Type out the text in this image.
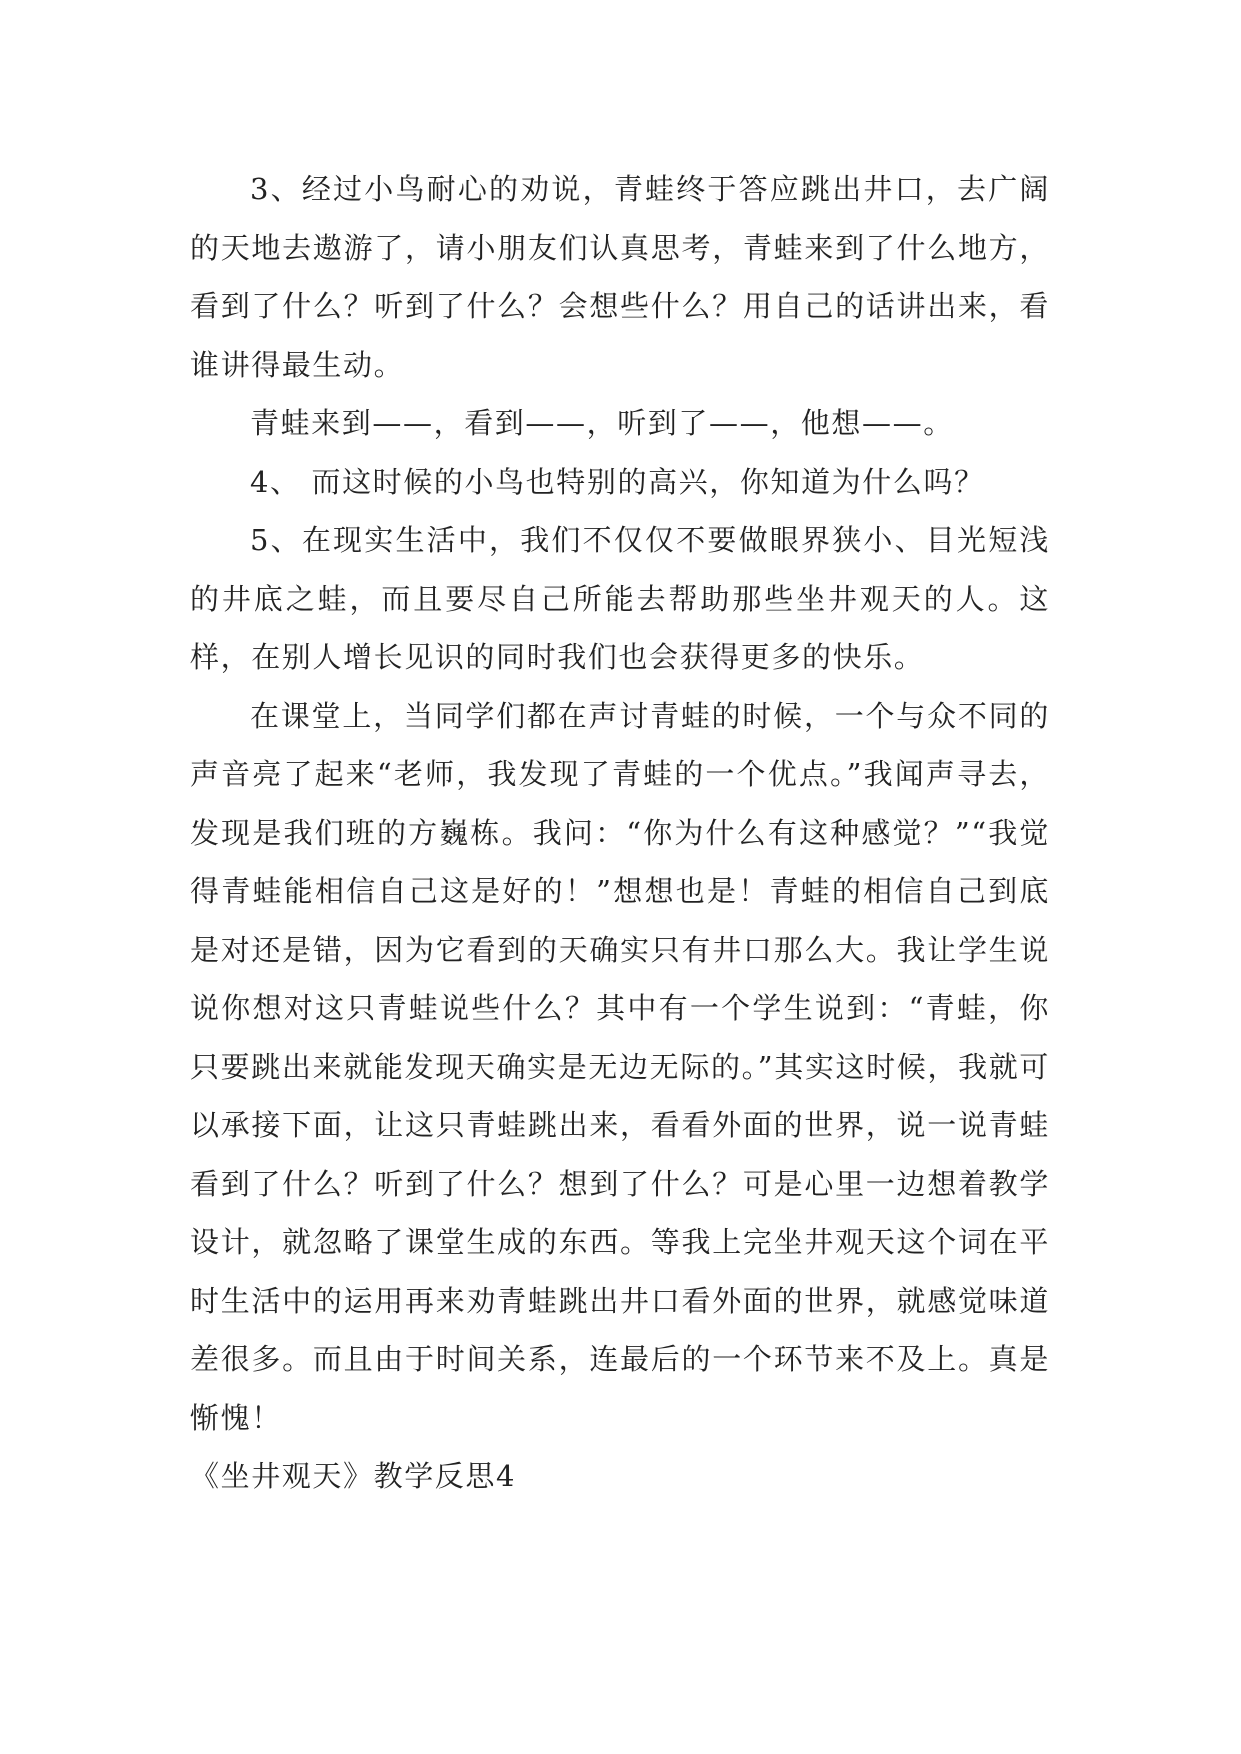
3、经过小鸟耐心的劝说，青蛙终于答应跳出井口，去广阔的天地去遨游了，请小朋友们认真思考，青蛙来到了什么地方，看到了什么？听到了什么？会想些什么？用自己的话讲出来，看谁讲得最生动。

青蛙来到——，看到——，听到了——，他想——。

4、 而这时候的小鸟也特别的高兴，你知道为什么吗？

5、在现实生活中，我们不仅仅不要做眼界狭小、目光短浅的井底之蛙，而且要尽自己所能去帮助那些坐井观天的人。这样，在别人增长见识的同时我们也会获得更多的快乐。

在课堂上，当同学们都在声讨青蛙的时候，一个与众不同的声音亮了起来“老师，我发现了青蛙的一个优点。”我闻声寻去，发现是我们班的方巍栋。我问：“你为什么有这种感觉？”“我觉得青蛙能相信自己这是好的！”想想也是！青蛙的相信自己到底是对还是错，因为它看到的天确实只有井口那么大。我让学生说说你想对这只青蛙说些什么？其中有一个学生说到：“青蛙，你只要跳出来就能发现天确实是无边无际的。”其实这时候，我就可以承接下面，让这只青蛙跳出来，看看外面的世界，说一说青蛙看到了什么？听到了什么？想到了什么？可是心里一边想着教学设计，就忽略了课堂生成的东西。等我上完坐井观天这个词在平时生活中的运用再来劝青蛙跳出井口看外面的世界，就感觉味道差很多。而且由于时间关系，连最后的一个环节来不及上。真是惭愧！

《坐井观天》教学反思4
